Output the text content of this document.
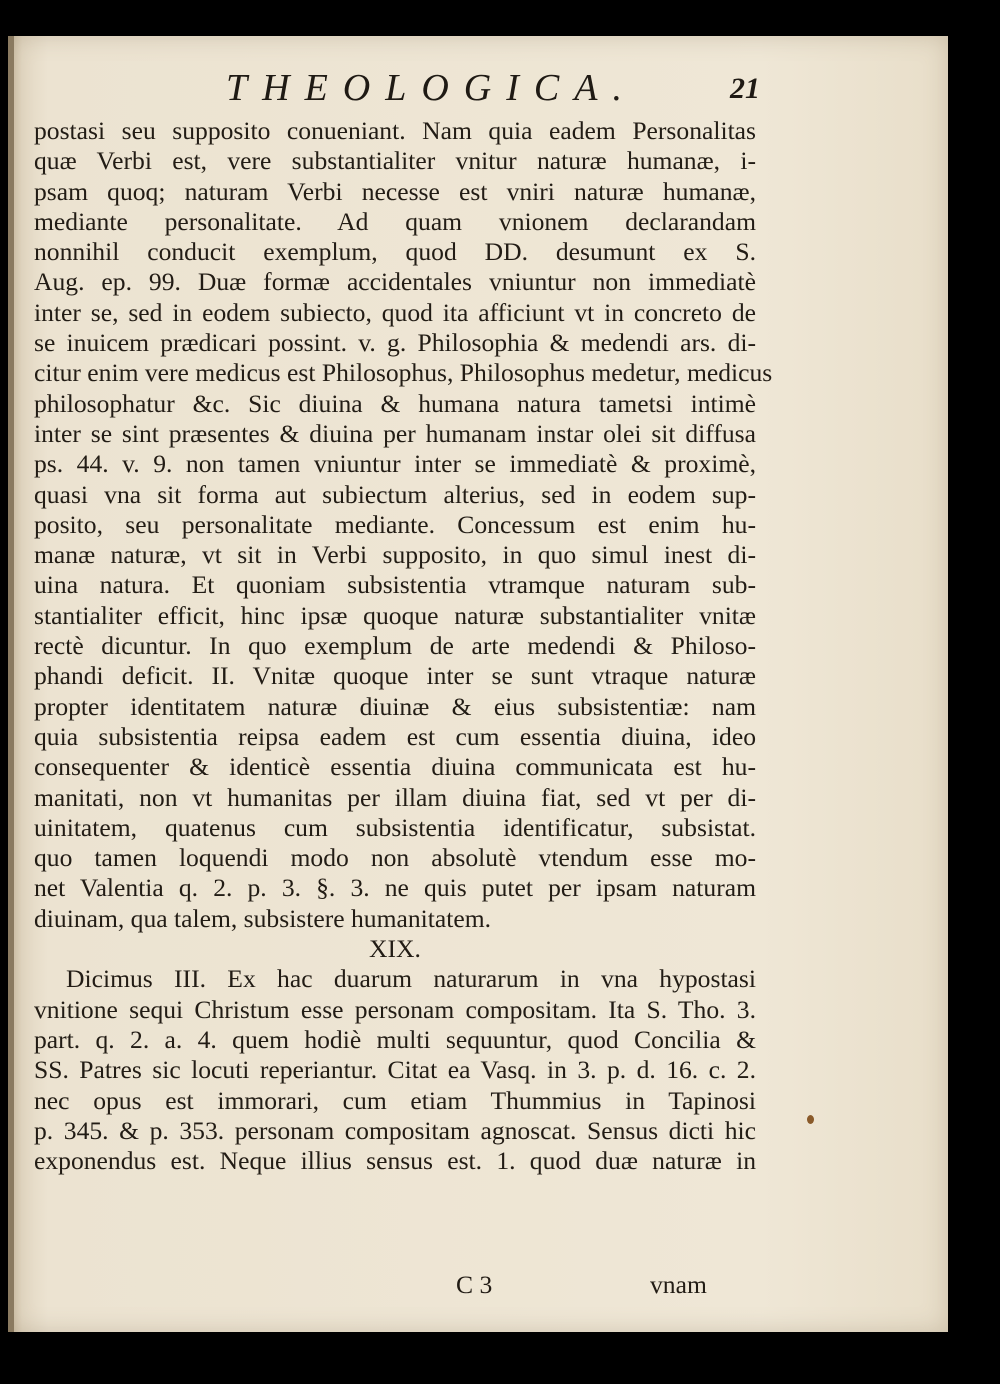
THEOLOGICA.	21
postasi seu supposito conueniant. Nam quia eadem Personalitas
quæ Verbi est, vere substantialiter vnitur naturæ humanæ, i-
psam quoq; naturam Verbi necesse est vniri naturæ humanæ,
mediante personalitate. Ad quam vnionem declarandam
nonnihil conducit exemplum, quod DD. desumunt ex S.
Aug. ep. 99. Duæ formæ accidentales vniuntur non immediatè
inter se, sed in eodem subiecto, quod ita afficiunt vt in concreto de
se inuicem prædicari possint. v. g. Philosophia & medendi ars. di-
citur enim vere medicus est Philosophus, Philosophus medetur, medicus
philosophatur &c. Sic diuina & humana natura tametsi intimè
inter se sint præsentes & diuina per humanam instar olei sit diffusa
ps. 44. v. 9. non tamen vniuntur inter se immediatè & proximè,
quasi vna sit forma aut subiectum alterius, sed in eodem sup-
posito, seu personalitate mediante. Concessum est enim hu-
manæ naturæ, vt sit in Verbi supposito, in quo simul inest di-
uina natura. Et quoniam subsistentia vtramque naturam sub-
stantialiter efficit, hinc ipsæ quoque naturæ substantialiter vnitæ
rectè dicuntur. In quo exemplum de arte medendi & Philoso-
phandi deficit. II. Vnitæ quoque inter se sunt vtraque naturæ
propter identitatem naturæ diuinæ & eius subsistentiæ: nam
quia subsistentia reipsa eadem est cum essentia diuina, ideo
consequenter & identicè essentia diuina communicata est hu-
manitati, non vt humanitas per illam diuina fiat, sed vt per di-
uinitatem, quatenus cum subsistentia identificatur, subsistat.
quo tamen loquendi modo non absolutè vtendum esse mo-
net Valentia q. 2. p. 3. §. 3. ne quis putet per ipsam naturam
diuinam, qua talem, subsistere humanitatem.
XIX.
Dicimus III. Ex hac duarum naturarum in vna hypostasi
vnitione sequi Christum esse personam compositam. Ita S. Tho. 3.
part. q. 2. a. 4. quem hodiè multi sequuntur, quod Concilia &
SS. Patres sic locuti reperiantur. Citat ea Vasq. in 3. p. d. 16. c. 2.
nec opus est immorari, cum etiam Thummius in Tapinosi
p. 345. & p. 353. personam compositam agnoscat. Sensus dicti hic
exponendus est. Neque illius sensus est. 1. quod duæ naturæ in
C 3	vnam
